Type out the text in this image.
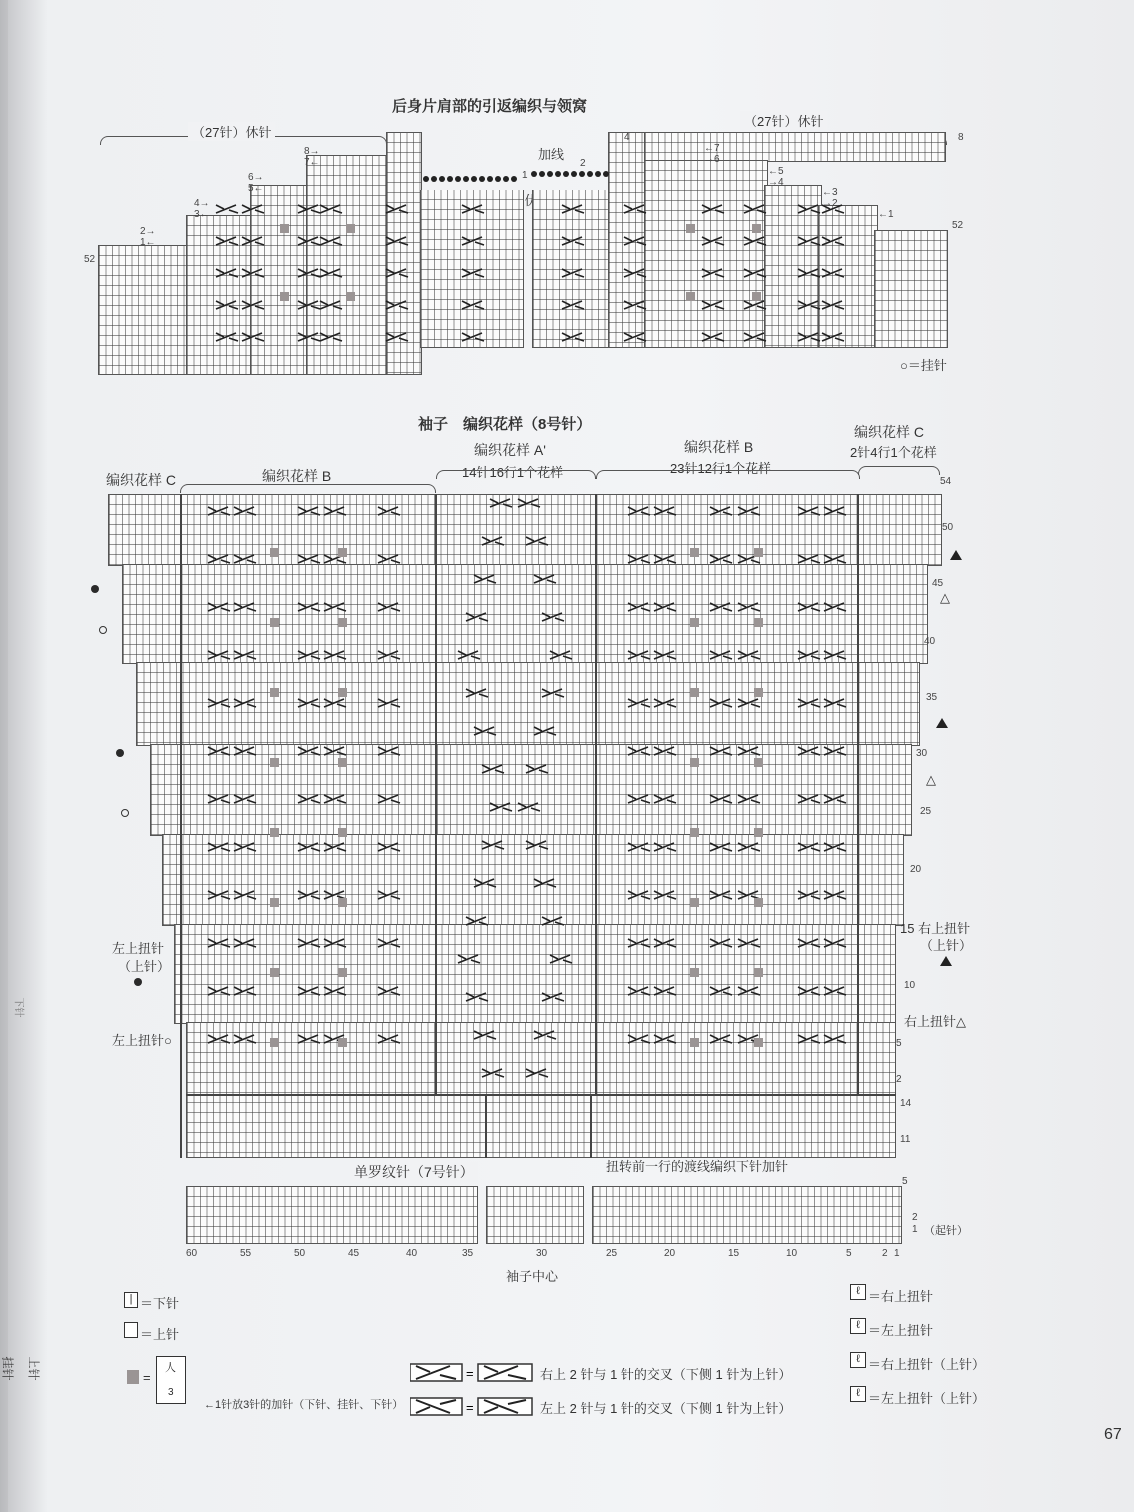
后身片肩部的引返编织与领窝
（27针）休针
（27针）休针
加线
52
52
8
4
1
2
8→
7←
6→
5←
4→
3←
2→
1←
←7
→6
←5
→4
←3
→2
←1
○＝挂针
袖子　编织花样（8号针）
编织花样 C	编织花样 B
编织花样 A'
14针16行1个花样
编织花样 B
23针12行1个花样
编织花样 C
2针4行1个花样
△
△
左上扭针
（上针）
左上扭针○
15 右上扭针
（上针）
右上扭针△
54
50
45
40
35
30
25
20
10
5
2
14
11
5
2
1 （起针）
单罗纹针（7号针）	扭转前一行的渡线编织下针加针
60	55	50	45	40	35	30	25	20	15	10	5	2 1
袖子中心
| ＝下针
＝上针
=
人
3
←1针放3针的加针（下针、挂针、下针）
=
=
右上 2 针与 1 针的交叉（下侧 1 针为上针）
左上 2 针与 1 针的交叉（下侧 1 针为上针）
ℓ ＝右上扭针
ℓ ＝左上扭针
ℓ ＝右上扭针（上针）
ℓ ＝左上扭针（上针）
67
挂针 上针
下针
